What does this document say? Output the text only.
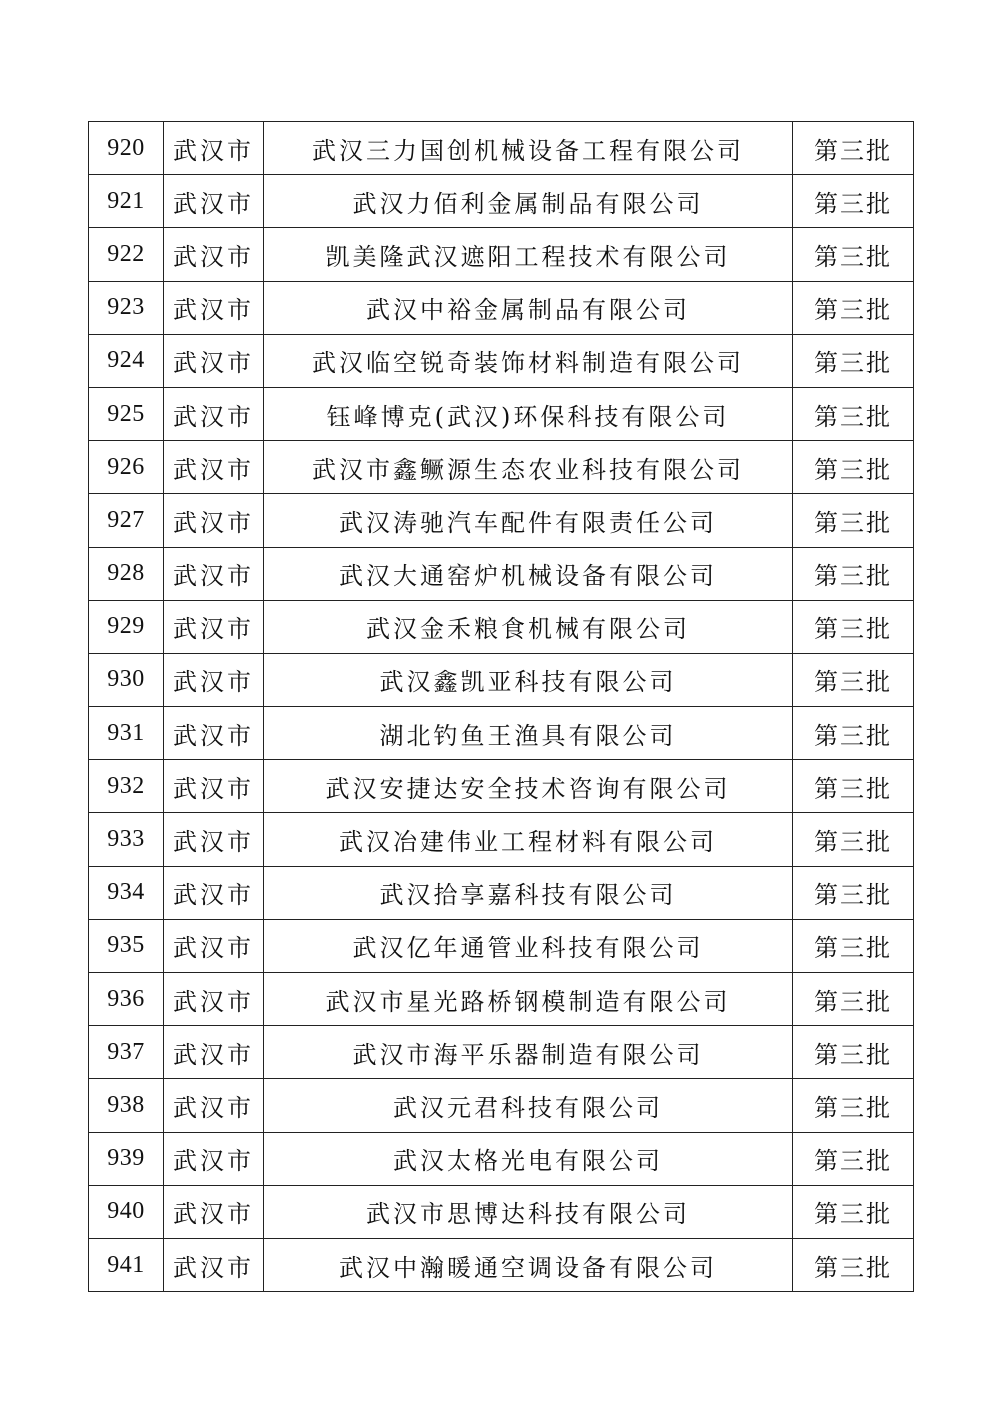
920	武汉市	武汉三力国创机械设备工程有限公司	第三批
921	武汉市	武汉力佰利金属制品有限公司	第三批
922	武汉市	凯美隆武汉遮阳工程技术有限公司	第三批
923	武汉市	武汉中裕金属制品有限公司	第三批
924	武汉市	武汉临空锐奇装饰材料制造有限公司	第三批
925	武汉市	钰峰博克(武汉)环保科技有限公司	第三批
926	武汉市	武汉市鑫鳜源生态农业科技有限公司	第三批
927	武汉市	武汉涛驰汽车配件有限责任公司	第三批
928	武汉市	武汉大通窑炉机械设备有限公司	第三批
929	武汉市	武汉金禾粮食机械有限公司	第三批
930	武汉市	武汉鑫凯亚科技有限公司	第三批
931	武汉市	湖北钓鱼王渔具有限公司	第三批
932	武汉市	武汉安捷达安全技术咨询有限公司	第三批
933	武汉市	武汉冶建伟业工程材料有限公司	第三批
934	武汉市	武汉拾享嘉科技有限公司	第三批
935	武汉市	武汉亿年通管业科技有限公司	第三批
936	武汉市	武汉市星光路桥钢模制造有限公司	第三批
937	武汉市	武汉市海平乐器制造有限公司	第三批
938	武汉市	武汉元君科技有限公司	第三批
939	武汉市	武汉太格光电有限公司	第三批
940	武汉市	武汉市思博达科技有限公司	第三批
941	武汉市	武汉中瀚暖通空调设备有限公司	第三批
